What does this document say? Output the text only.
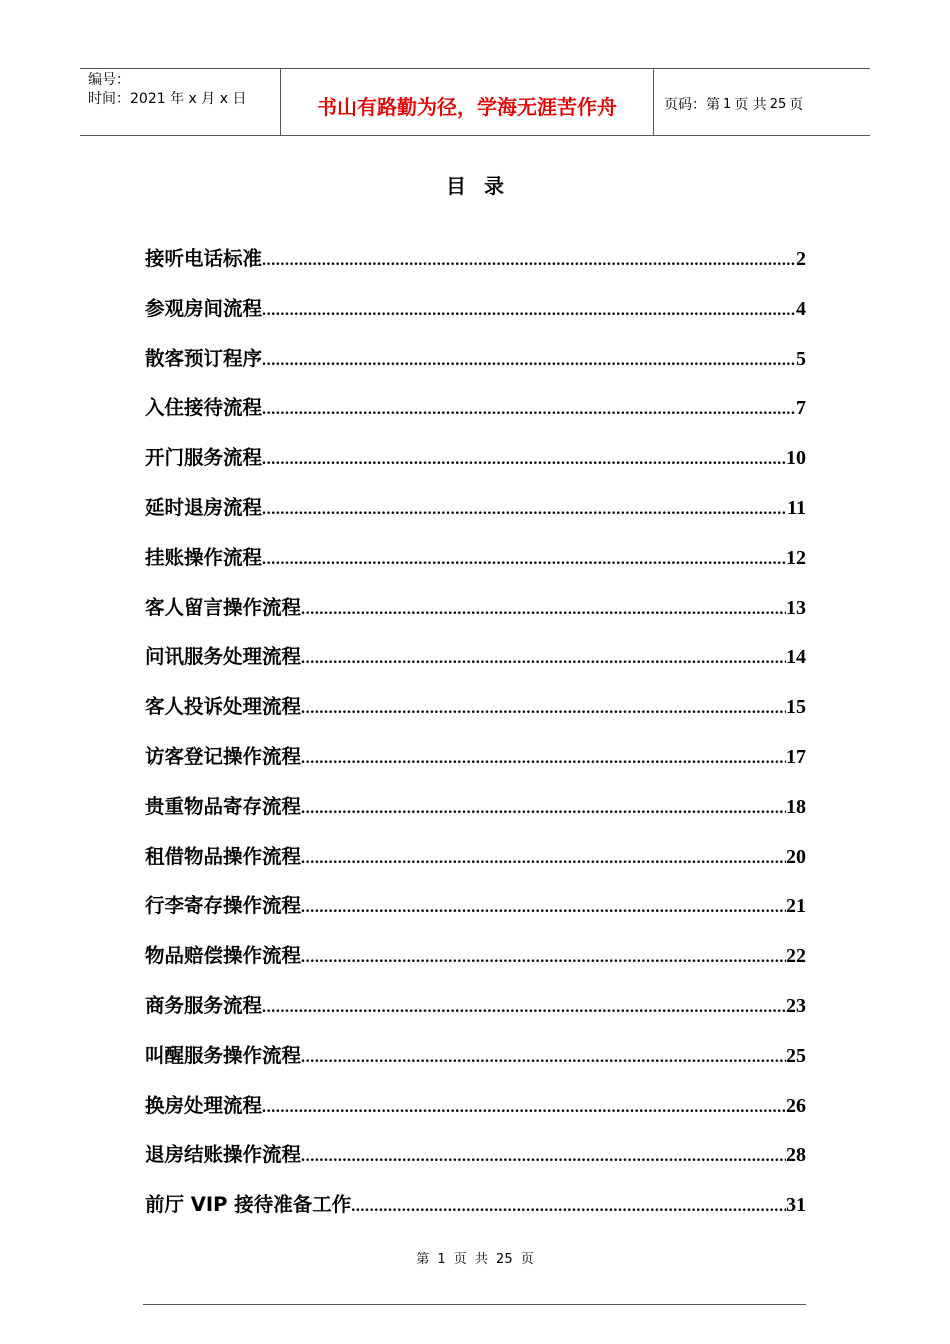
编号：
时间：2021 年 x 月 x 日	书山有路勤为径，学海无涯苦作舟	页码：第 1 页 共 25 页
目录
接听电话标准 .....	2
参观房间流程 .....	4
散客预订程序 .....	5
入住接待流程 .....	7
开门服务流程 .....	10
延时退房流程 .....	11
挂账操作流程 .....	12
客人留言操作流程 .....	13
问讯服务处理流程 .....	14
客人投诉处理流程 .....	15
访客登记操作流程 .....	17
贵重物品寄存流程 .....	18
租借物品操作流程 .....	20
行李寄存操作流程 .....	21
物品赔偿操作流程 .....	22
商务服务流程 .....	23
叫醒服务操作流程 .....	25
换房处理流程 .....	26
退房结账操作流程 .....	28
前厅 VIP 接待准备工作 .....	31
第 1 页 共 25 页
